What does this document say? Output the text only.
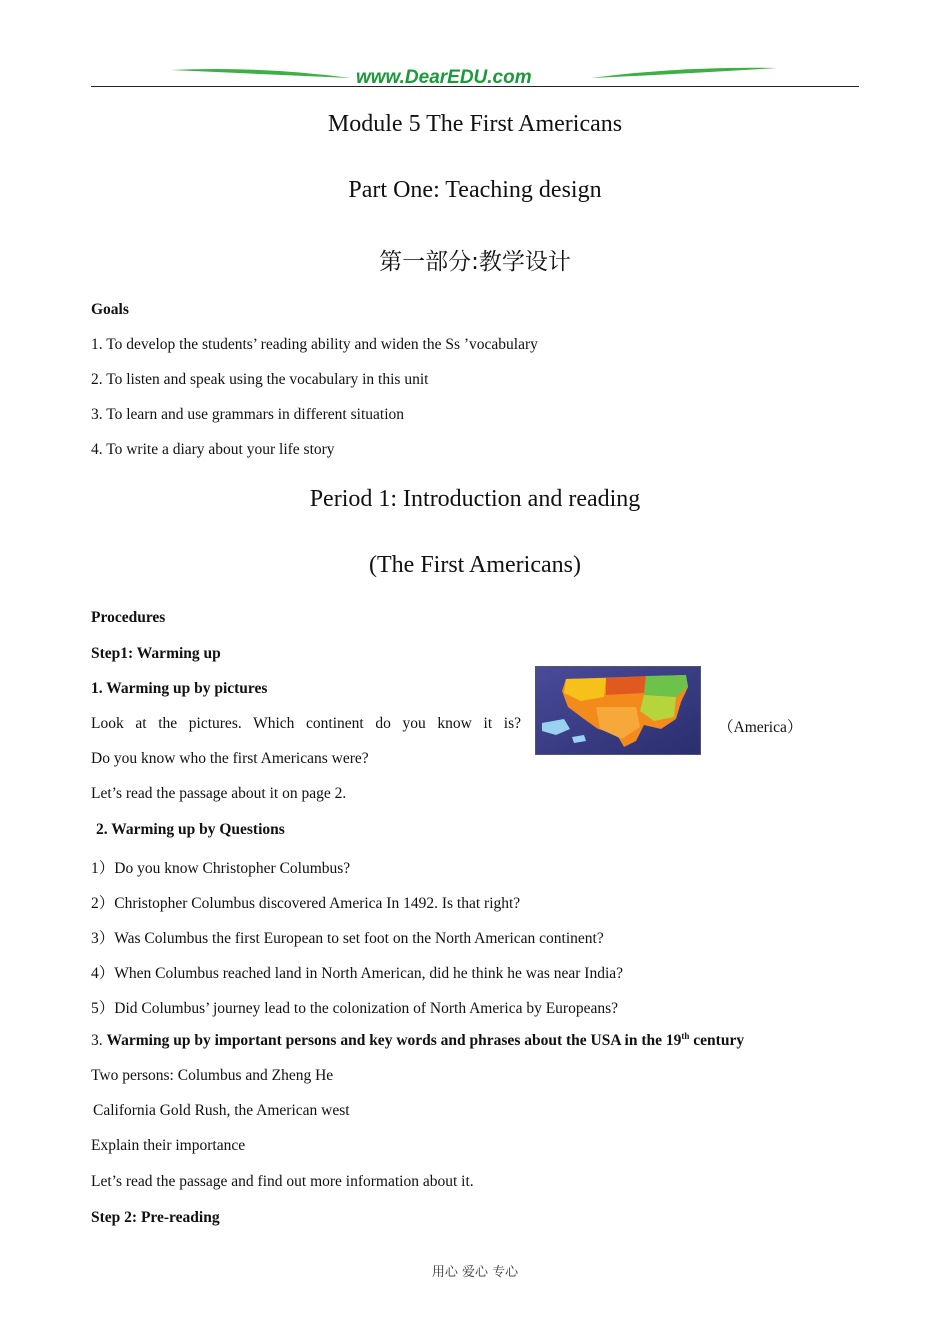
www.DearEDU.com
Module 5 The First Americans
Part One: Teaching design
第一部分:教学设计
Goals
1. To develop the students’ reading ability and widen the Ss ’vocabulary
2. To listen and speak using the vocabulary in this unit
3. To learn and use grammars in different situation
4. To write a diary about your life story
Period 1: Introduction and reading
(The First Americans)
Procedures
Step1: Warming up
1. Warming up by pictures
Look at the pictures. Which continent do you know it is?	（America）
Do you know who the first Americans were?
Let’s read the passage about it on page 2.
2. Warming up by Questions
1）Do you know Christopher Columbus?
2）Christopher Columbus discovered America In 1492. Is that right?
3）Was Columbus the first European to set foot on the North American continent?
4）When Columbus reached land in North American, did he think he was near India?
5）Did Columbus’ journey lead to the colonization of North America by Europeans?
3. Warming up by important persons and key words and phrases about the USA in the 19th century
Two persons: Columbus and Zheng He
California Gold Rush, the American west
Explain their importance
Let’s read the passage and find out more information about it.
Step 2: Pre-reading
用心 爱心 专心
